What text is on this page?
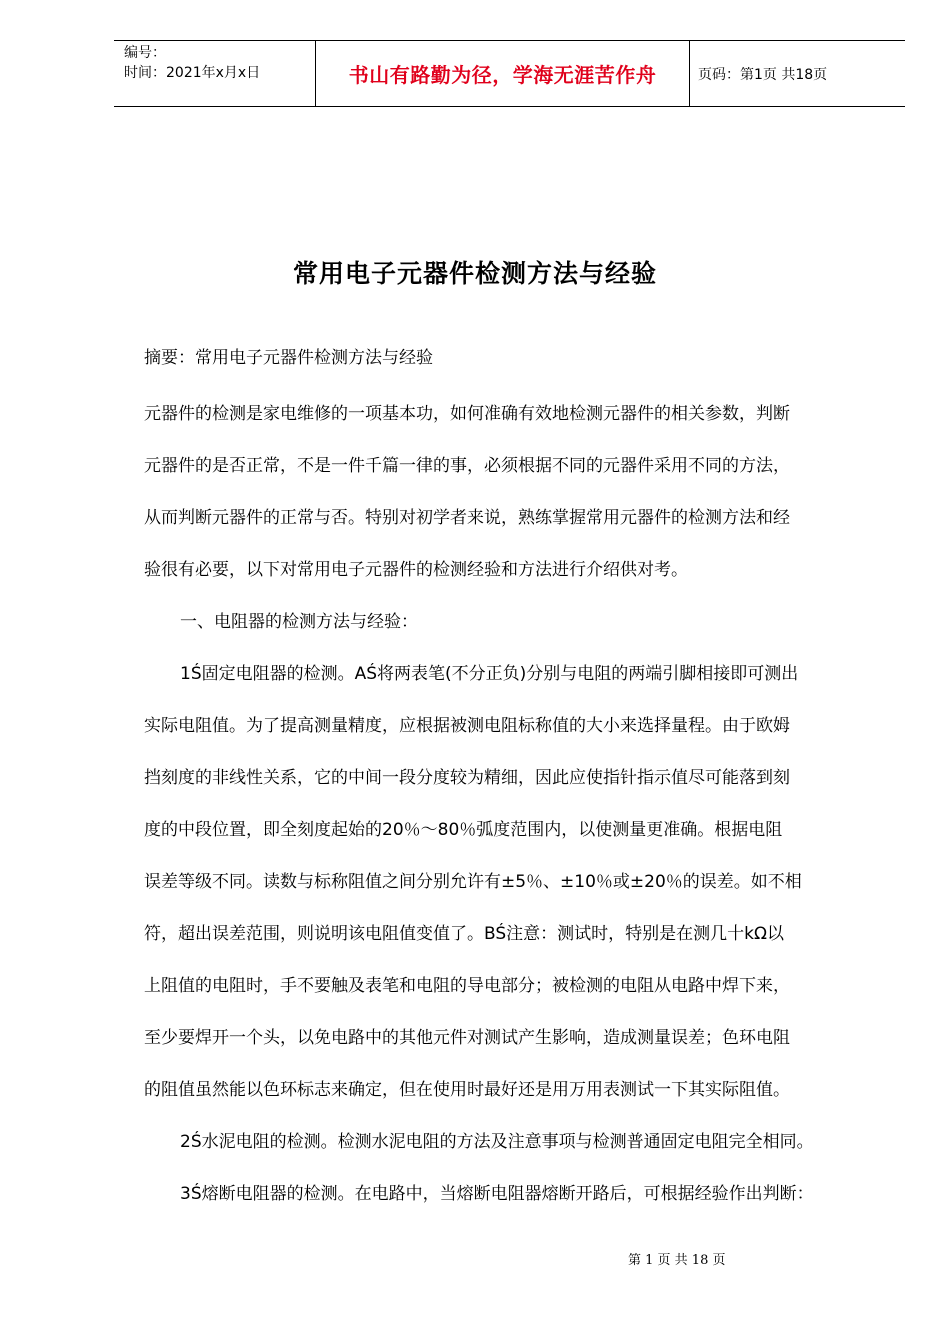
编号：
时间：2021年x月x日	书山有路勤为径，学海无涯苦作舟	页码：第1页 共18页
常用电子元器件检测方法与经验
摘要：常用电子元器件检测方法与经验
元器件的检测是家电维修的一项基本功，如何准确有效地检测元器件的相关参数，判断
元器件的是否正常，不是一件千篇一律的事，必须根据不同的元器件采用不同的方法，
从而判断元器件的正常与否。特别对初学者来说，熟练掌握常用元器件的检测方法和经
验很有必要，以下对常用电子元器件的检测经验和方法进行介绍供对考。
一、电阻器的检测方法与经验：
1Ś固定电阻器的检测。AŚ将两表笔(不分正负)分别与电阻的两端引脚相接即可测出
实际电阻值。为了提高测量精度，应根据被测电阻标称值的大小来选择量程。由于欧姆
挡刻度的非线性关系，它的中间一段分度较为精细，因此应使指针指示值尽可能落到刻
度的中段位置，即全刻度起始的20％～80％弧度范围内，以使测量更准确。根据电阻
误差等级不同。读数与标称阻值之间分别允许有±5％、±10％或±20％的误差。如不相
符，超出误差范围，则说明该电阻值变值了。BŚ注意：测试时，特别是在测几十kΩ以
上阻值的电阻时，手不要触及表笔和电阻的导电部分；被检测的电阻从电路中焊下来，
至少要焊开一个头，以免电路中的其他元件对测试产生影响，造成测量误差；色环电阻
的阻值虽然能以色环标志来确定，但在使用时最好还是用万用表测试一下其实际阻值。
2Ś水泥电阻的检测。检测水泥电阻的方法及注意事项与检测普通固定电阻完全相同。
3Ś熔断电阻器的检测。在电路中，当熔断电阻器熔断开路后，可根据经验作出判断：
第 1 页 共 18 页
